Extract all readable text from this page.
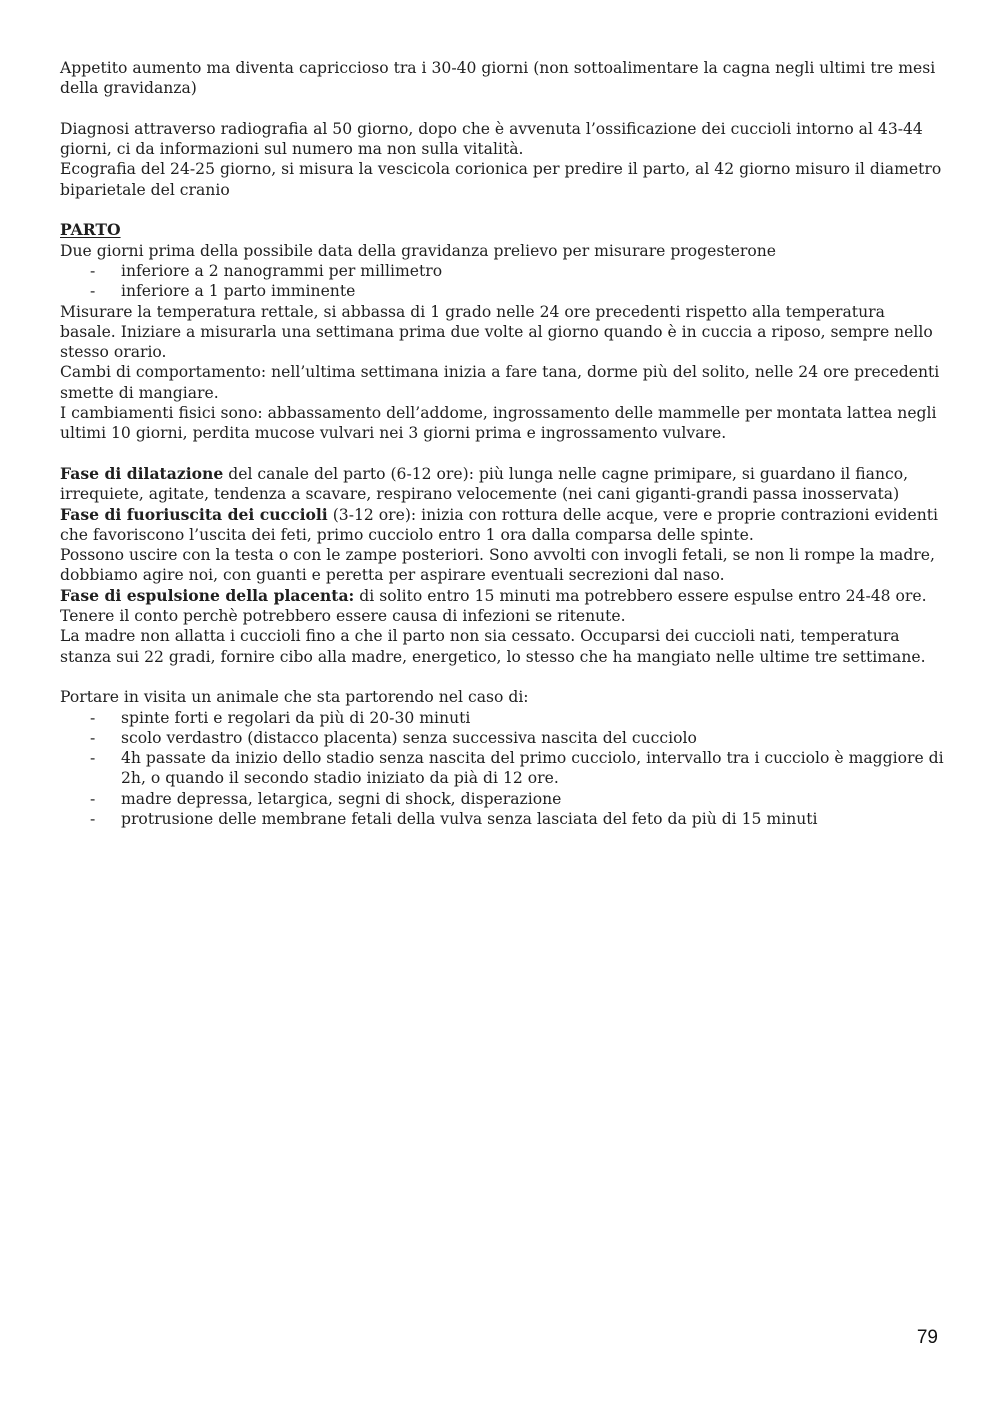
Appetito aumento ma diventa capriccioso tra i 30-40 giorni (non sottoalimentare la cagna negli ultimi tre mesi della gravidanza)

Diagnosi attraverso radiografia al 50 giorno, dopo che è avvenuta l’ossificazione dei cuccioli intorno al 43-44 giorni, ci da informazioni sul numero ma non sulla vitalità.

Ecografia del 24-25 giorno, si misura la vescicola corionica per predire il parto, al 42 giorno misuro il diametro biparietale del cranio

PARTO

Due giorni prima della possibile data della gravidanza prelievo per misurare progesterone

- inferiore a 2 nanogrammi per millimetro
- inferiore a 1 parto imminente

Misurare la temperatura rettale, si abbassa di 1 grado nelle 24 ore precedenti rispetto alla temperatura basale. Iniziare a misurarla una settimana prima due volte al giorno quando è in cuccia a riposo, sempre nello stesso orario.

Cambi di comportamento: nell’ultima settimana inizia a fare tana, dorme più del solito, nelle 24 ore precedenti smette di mangiare.

I cambiamenti fisici sono: abbassamento dell’addome, ingrossamento delle mammelle per montata lattea negli ultimi 10 giorni, perdita mucose vulvari nei 3 giorni prima e ingrossamento vulvare.

Fase di dilatazione del canale del parto (6-12 ore): più lunga nelle cagne primipare, si guardano il fianco, irrequiete, agitate, tendenza a scavare, respirano velocemente (nei cani giganti-grandi passa inosservata)

Fase di fuoriuscita dei cuccioli (3-12 ore): inizia con rottura delle acque, vere e proprie contrazioni evidenti che favoriscono l’uscita dei feti, primo cucciolo entro 1 ora dalla comparsa delle spinte.

Possono uscire con la testa o con le zampe posteriori. Sono avvolti con invogli fetali, se non li rompe la madre, dobbiamo agire noi, con guanti e peretta per aspirare eventuali secrezioni dal naso.

Fase di espulsione della placenta: di solito entro 15 minuti ma potrebbero essere espulse entro 24-48 ore. Tenere il conto perchè potrebbero essere causa di infezioni se ritenute.

La madre non allatta i cuccioli fino a che il parto non sia cessato. Occuparsi dei cuccioli nati, temperatura stanza sui 22 gradi, fornire cibo alla madre, energetico, lo stesso che ha mangiato nelle ultime tre settimane.

Portare in visita un animale che sta partorendo nel caso di:

- spinte forti e regolari da più di 20-30 minuti
- scolo verdastro (distacco placenta) senza successiva nascita del cucciolo
- 4h passate da inizio dello stadio senza nascita del primo cucciolo, intervallo tra i cucciolo è maggiore di 2h, o quando il secondo stadio iniziato da pià di 12 ore.
- madre depressa, letargica, segni di shock, disperazione
- protrusione delle membrane fetali della vulva senza lasciata del feto da più di 15 minuti
79
